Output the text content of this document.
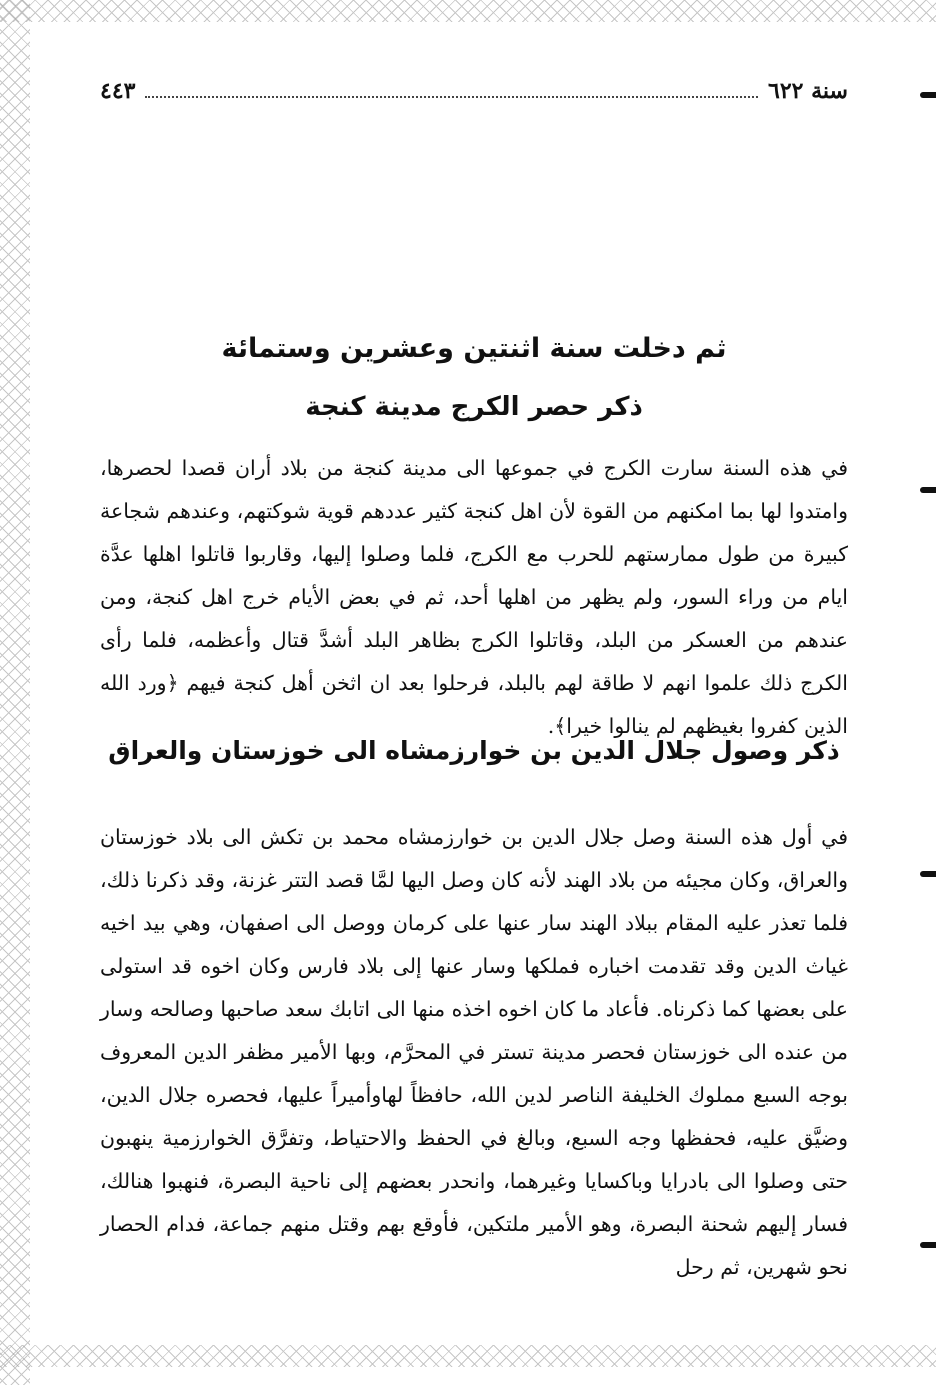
سنة ٦٢٢
٤٤٣
ثم دخلت سنة اثنتين وعشرين وستمائة
ذكر حصر الكرج مدينة كنجة
في هذه السنة سارت الكرج في جموعها الى مدينة كنجة من بلاد أران قصدا لحصرها، وامتدوا لها بما امكنهم من القوة لأن اهل كنجة كثير عددهم قوية شوكتهم، وعندهم شجاعة كبيرة من طول ممارستهم للحرب مع الكرج، فلما وصلوا إليها، وقاربوا قاتلوا اهلها عدَّة ايام من وراء السور، ولم يظهر من اهلها أحد، ثم في بعض الأيام خرج اهل كنجة، ومن عندهم من العسكر من البلد، وقاتلوا الكرج بظاهر البلد أشدَّ قتال وأعظمه، فلما رأى الكرج ذلك علموا انهم لا طاقة لهم بالبلد، فرحلوا بعد ان اثخن أهل كنجة فيهم ﴿ورد الله الذين كفروا بغيظهم لم ينالوا خيرا﴾.
ذكر وصول جلال الدين بن خوارزمشاه الى خوزستان والعراق
في أول هذه السنة وصل جلال الدين بن خوارزمشاه محمد بن تكش الى بلاد خوزستان والعراق، وكان مجيئه من بلاد الهند لأنه كان وصل اليها لمَّا قصد التتر غزنة، وقد ذكرنا ذلك، فلما تعذر عليه المقام ببلاد الهند سار عنها على كرمان ووصل الى اصفهان، وهي بيد اخيه غياث الدين وقد تقدمت اخباره فملكها وسار عنها إلى بلاد فارس وكان اخوه قد استولى على بعضها كما ذكرناه. فأعاد ما كان اخوه اخذه منها الى اتابك سعد صاحبها وصالحه وسار من عنده الى خوزستان فحصر مدينة تستر في المحرَّم، وبها الأمير مظفر الدين المعروف بوجه السبع مملوك الخليفة الناصر لدين الله، حافظاً لهاوأميراً عليها، فحصره جلال الدين، وضيَّق عليه، فحفظها وجه السبع، وبالغ في الحفظ والاحتياط، وتفرَّق الخوارزمية ينهبون حتى وصلوا الى بادرايا وباكسايا وغيرهما، وانحدر بعضهم إلى ناحية البصرة، فنهبوا هنالك، فسار إليهم شحنة البصرة، وهو الأمير ملتكين، فأوقع بهم وقتل منهم جماعة، فدام الحصار نحو شهرين، ثم رحل
